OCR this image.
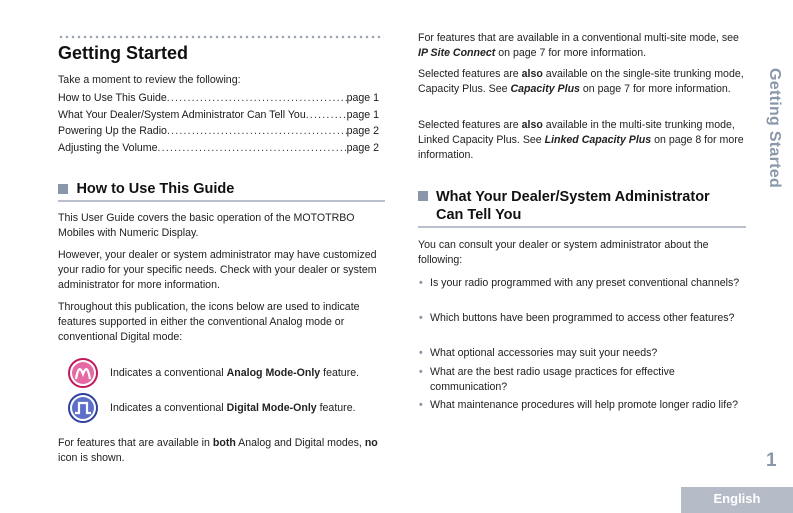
Getting Started
Take a moment to review the following:
How to Use This Guide .....	page 1
What Your Dealer/System Administrator Can Tell You .....	page 1
Powering Up the Radio .....	page 2
Adjusting the Volume .....	page 2
How to Use This Guide
This User Guide covers the basic operation of the MOTOTRBO Mobiles with Numeric Display.
However, your dealer or system administrator may have customized your radio for your specific needs. Check with your dealer or system administrator for more information.
Throughout this publication, the icons below are used to indicate features supported in either the conventional Analog mode or conventional Digital mode:
Indicates a conventional Analog Mode-Only feature.
Indicates a conventional Digital Mode-Only feature.
For features that are available in both Analog and Digital modes, no icon is shown.
For features that are available in a conventional multi-site mode, see IP Site Connect on page 7 for more information.
Selected features are also available on the single-site trunking mode, Capacity Plus. See Capacity Plus on page 7 for more information.
Selected features are also available in the multi-site trunking mode, Linked Capacity Plus. See Linked Capacity Plus on page 8 for more information.
What Your Dealer/System Administrator
Can Tell You
You can consult your dealer or system administrator about the following:
• Is your radio programmed with any preset conventional channels?
• Which buttons have been programmed to access other features?
• What optional accessories may suit your needs?
• What are the best radio usage practices for effective communication?
• What maintenance procedures will help promote longer radio life?
Getting Started
1
English
